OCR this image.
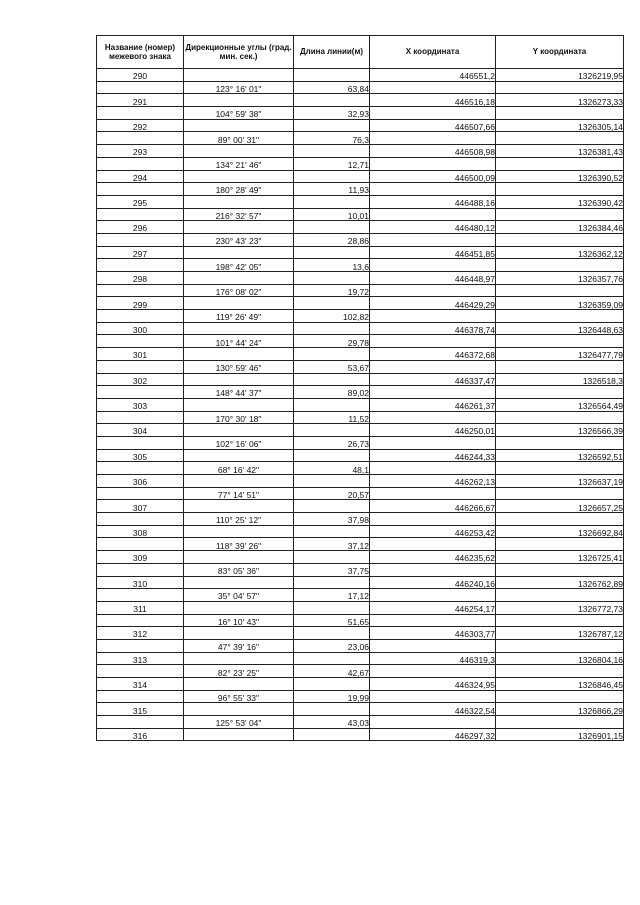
Название (номер) межевого знака	Дирекционные углы (град. мин. сек.)	Длина линии(м)	X координата	Y координата
290			446551,2	1326219,95
	123° 16' 01"	63,84		
291			446516,18	1326273,33
	104° 59' 38"	32,93		
292			446507,66	1326305,14
	89° 00' 31"	76,3		
293			446508,98	1326381,43
	134° 21' 46"	12,71		
294			446500,09	1326390,52
	180° 28' 49"	11,93		
295			446488,16	1326390,42
	216° 32' 57"	10,01		
296			446480,12	1326384,46
	230° 43' 23"	28,86		
297			446451,85	1326362,12
	198° 42' 05"	13,6		
298			446448,97	1326357,76
	176° 08' 02"	19,72		
299			446429,29	1326359,09
	119° 26' 49"	102,82		
300			446378,74	1326448,63
	101° 44' 24"	29,78		
301			446372,68	1326477,79
	130° 59' 46"	53,67		
302			446337,47	1326518,3
	148° 44' 37"	89,02		
303			446261,37	1326564,49
	170° 30' 18"	11,52		
304			446250,01	1326566,39
	102° 16' 06"	26,73		
305			446244,33	1326592,51
	68° 16' 42"	48,1		
306			446262,13	1326637,19
	77° 14' 51"	20,57		
307			446266,67	1326657,25
	110° 25' 12"	37,98		
308			446253,42	1326692,84
	118° 39' 26"	37,12		
309			446235,62	1326725,41
	83° 05' 36"	37,75		
310			446240,16	1326762,89
	35° 04' 57"	17,12		
311			446254,17	1326772,73
	16° 10' 43"	51,65		
312			446303,77	1326787,12
	47° 39' 16"	23,06		
313			446319,3	1326804,16
	82° 23' 25"	42,67		
314			446324,95	1326846,45
	96° 55' 33"	19,99		
315			446322,54	1326866,29
	125° 53' 04"	43,03		
316			446297,32	1326901,15
